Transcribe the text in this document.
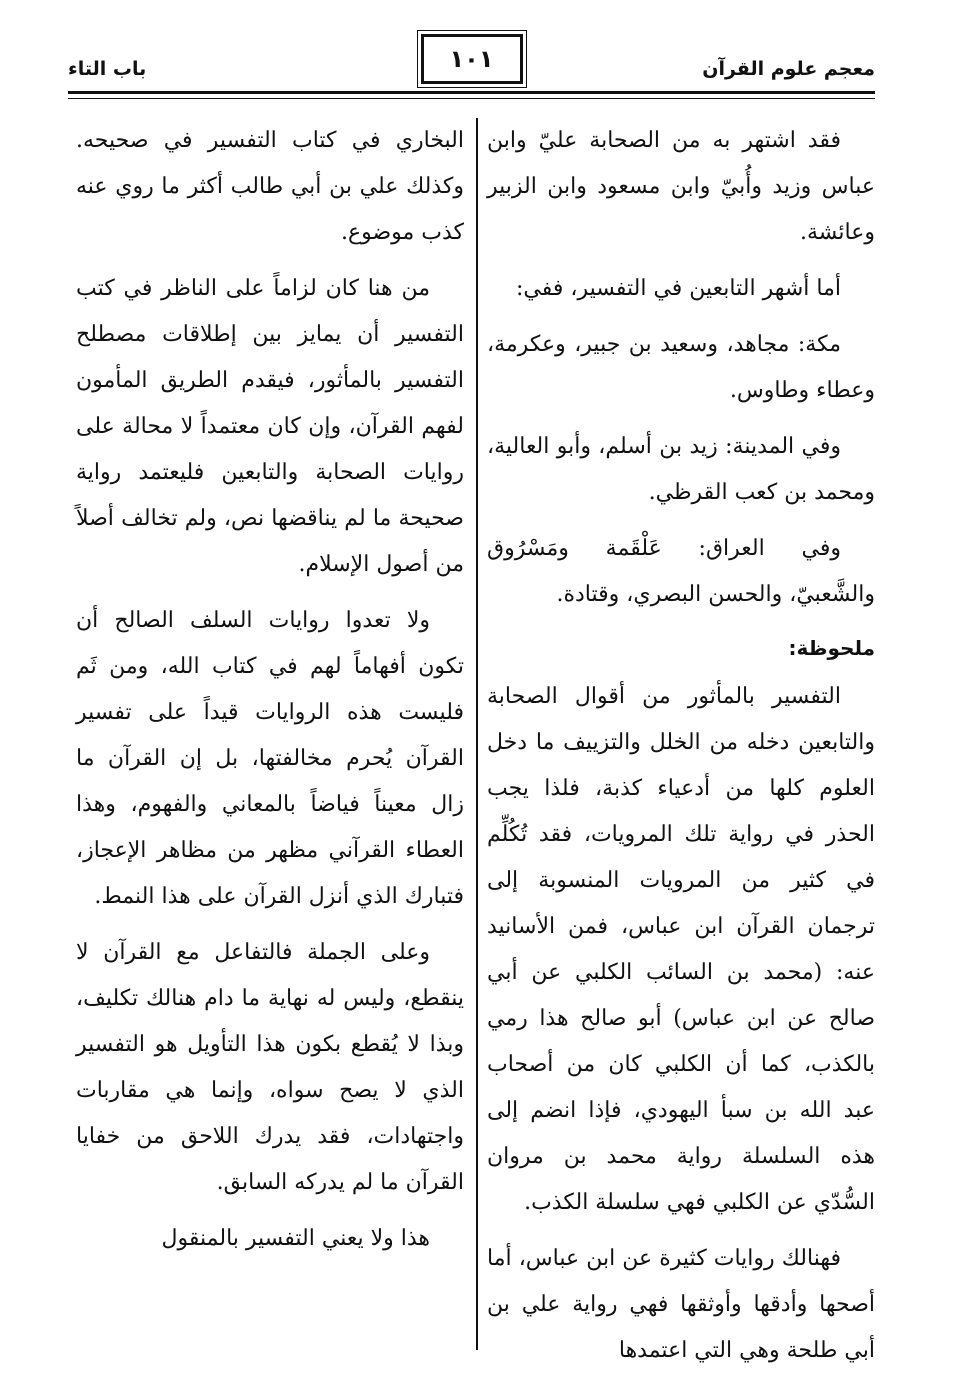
معجم علوم القرآن
١٠١
باب التاء

فقد اشتهر به من الصحابة عليّ وابن عباس وزيد وأُبيّ وابن مسعود وابن الزبير وعائشة.

أما أشهر التابعين في التفسير، ففي:

مكة: مجاهد، وسعيد بن جبير، وعكرمة، وعطاء وطاوس.

وفي المدينة: زيد بن أسلم، وأبو العالية، ومحمد بن كعب القرظي.

وفي العراق: عَلْقَمة ومَسْرُوق والشَّعبيّ، والحسن البصري، وقتادة.

ملحوظة:

التفسير بالمأثور من أقوال الصحابة والتابعين دخله من الخلل والتزييف ما دخل العلوم كلها من أدعياء كذبة، فلذا يجب الحذر في رواية تلك المرويات، فقد تُكُلِّم في كثير من المرويات المنسوبة إلى ترجمان القرآن ابن عباس، فمن الأسانيد عنه: (محمد بن السائب الكلبي عن أبي صالح عن ابن عباس) أبو صالح هذا رمي بالكذب، كما أن الكلبي كان من أصحاب عبد الله بن سبأ اليهودي، فإذا انضم إلى هذه السلسلة رواية محمد بن مروان السُّدّي عن الكلبي فهي سلسلة الكذب.

فهنالك روايات كثيرة عن ابن عباس، أما أصحها وأدقها وأوثقها فهي رواية علي بن أبي طلحة وهي التي اعتمدها

البخاري في كتاب التفسير في صحيحه. وكذلك علي بن أبي طالب أكثر ما روي عنه كذب موضوع.

من هنا كان لزاماً على الناظر في كتب التفسير أن يمايز بين إطلاقات مصطلح التفسير بالمأثور، فيقدم الطريق المأمون لفهم القرآن، وإن كان معتمداً لا محالة على روايات الصحابة والتابعين فليعتمد رواية صحيحة ما لم يناقضها نص، ولم تخالف أصلاً من أصول الإسلام.

ولا تعدوا روايات السلف الصالح أن تكون أفهاماً لهم في كتاب الله، ومن ثَم فليست هذه الروايات قيداً على تفسير القرآن يُحرم مخالفتها، بل إن القرآن ما زال معيناً فياضاً بالمعاني والفهوم، وهذا العطاء القرآني مظهر من مظاهر الإعجاز، فتبارك الذي أنزل القرآن على هذا النمط.

وعلى الجملة فالتفاعل مع القرآن لا ينقطع، وليس له نهاية ما دام هنالك تكليف، وبذا لا يُقطع بكون هذا التأويل هو التفسير الذي لا يصح سواه، وإنما هي مقاربات واجتهادات، فقد يدرك اللاحق من خفايا القرآن ما لم يدركه السابق.

هذا ولا يعني التفسير بالمنقول
